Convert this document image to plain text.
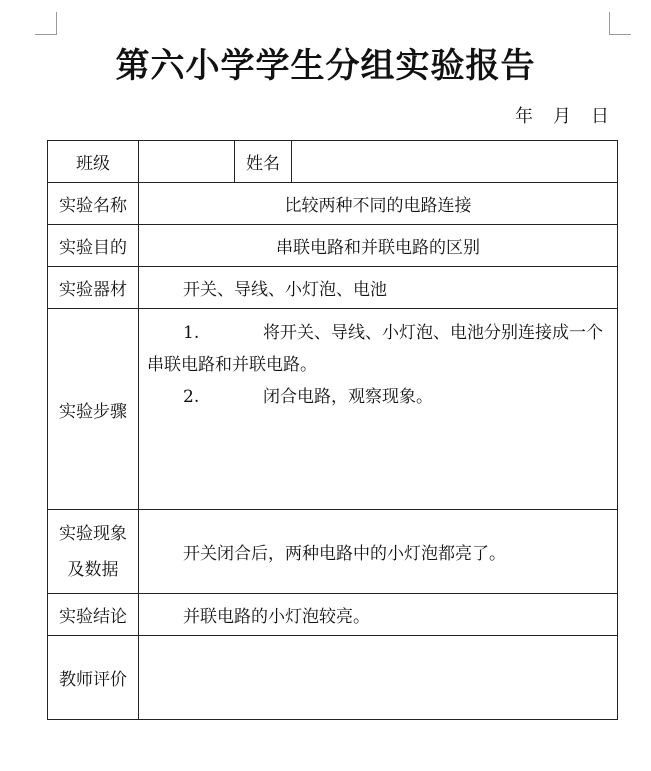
第六小学学生分组实验报告
年 月 日
班级		姓名	
实验名称	比较两种不同的电路连接		
实验目的	串联电路和并联电路的区别		
实验器材	开关、导线、小灯泡、电池		
实验步骤	1. 将开关、导线、小灯泡、电池分别连接成一个

串联电路和并联电路。

2. 闭合电路，观察现象。		

实验现象
及数据	开关闭合后，两种电路中的小灯泡都亮了。		
实验结论	并联电路的小灯泡较亮。		
教师评价			
